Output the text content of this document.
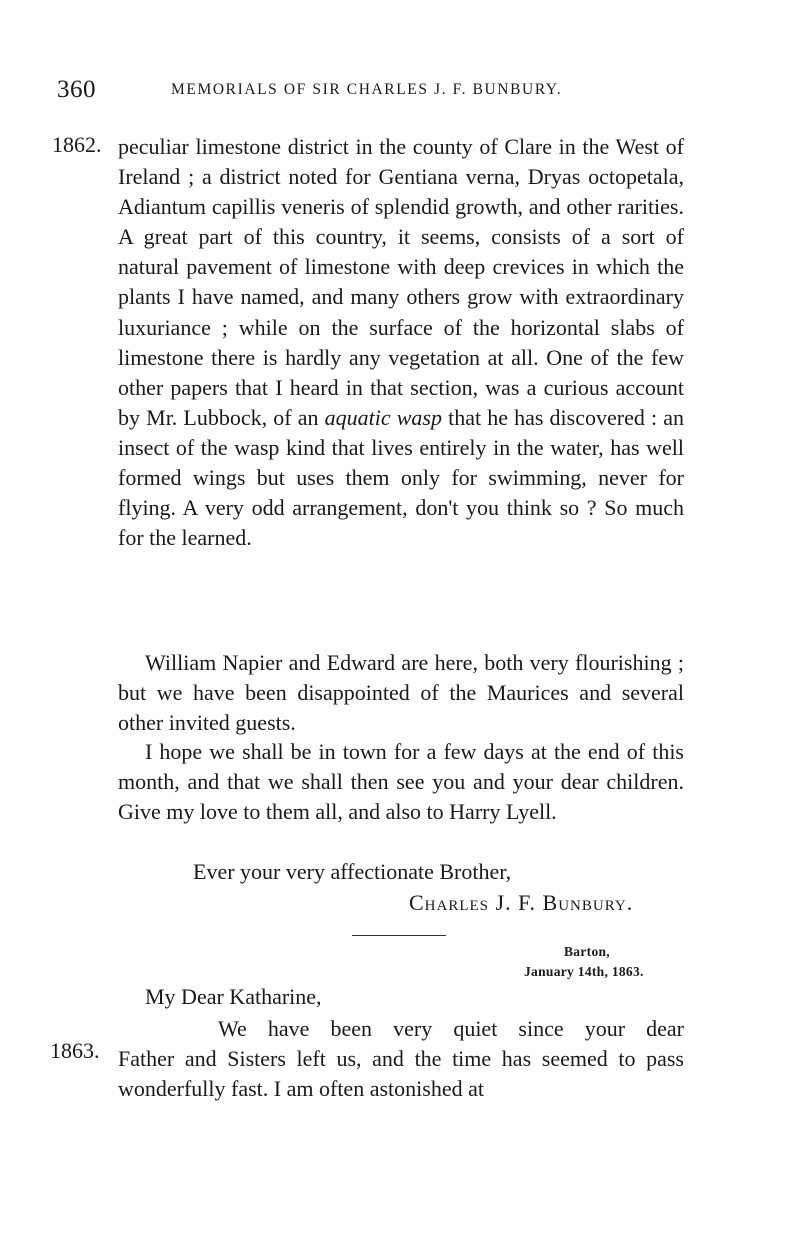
360	MEMORIALS OF SIR CHARLES J. F. BUNBURY.
1862. peculiar limestone district in the county of Clare in the West of Ireland ; a district noted for Gentiana verna, Dryas octopetala, Adiantum capillis veneris of splendid growth, and other rarities. A great part of this country, it seems, consists of a sort of natural pavement of limestone with deep crevices in which the plants I have named, and many others grow with extraordinary luxuriance ; while on the surface of the horizontal slabs of limestone there is hardly any vegetation at all. One of the few other papers that I heard in that section, was a curious account by Mr. Lubbock, of an aquatic wasp that he has discovered : an insect of the wasp kind that lives entirely in the water, has well formed wings but uses them only for swimming, never for flying. A very odd arrangement, don't you think so ? So much for the learned.

William Napier and Edward are here, both very flourishing ; but we have been disappointed of the Maurices and several other invited guests.

I hope we shall be in town for a few days at the end of this month, and that we shall then see you and your dear children. Give my love to them all, and also to Harry Lyell.

Ever your very affectionate Brother,
Charles J. F. Bunbury.
Barton,
January 14th, 1863.
My Dear Katharine,
1863.
We have been very quiet since your dear
Father and Sisters left us, and the time has seemed to pass wonderfully fast. I am often astonished at
